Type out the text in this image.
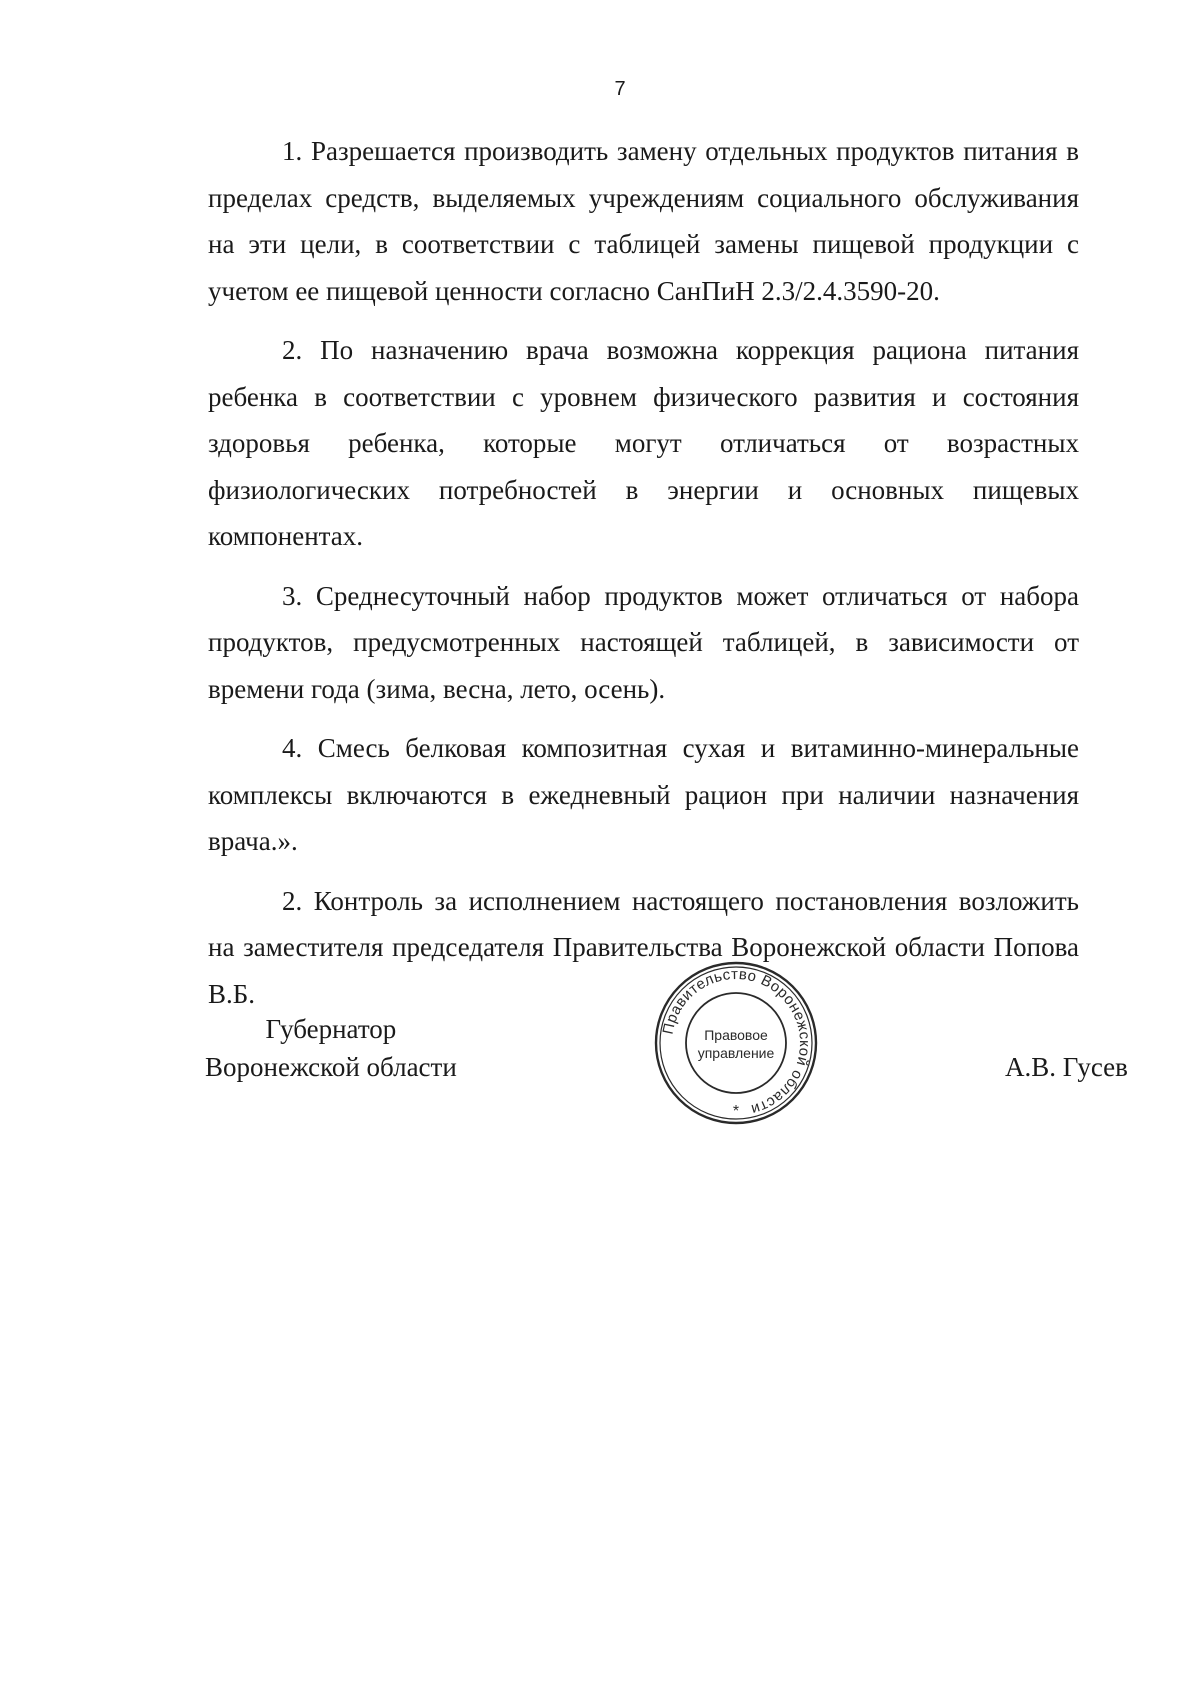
7

1. Разрешается производить замену отдельных продуктов питания в пределах средств, выделяемых учреждениям социального обслуживания на эти цели, в соответствии с таблицей замены пищевой продукции с учетом ее пищевой ценности согласно СанПиН 2.3/2.4.3590-20.

2. По назначению врача возможна коррекция рациона питания ребенка в соответствии с уровнем физического развития и состояния здоровья ребенка, которые могут отличаться от возрастных физиологических потребностей в энергии и основных пищевых компонентах.

3. Среднесуточный набор продуктов может отличаться от набора продуктов, предусмотренных настоящей таблицей, в зависимости от времени года (зима, весна, лето, осень).

4. Смесь белковая композитная сухая и витаминно-минеральные комплексы включаются в ежедневный рацион при наличии назначения врача.».

2. Контроль за исполнением настоящего постановления возложить на заместителя председателя Правительства Воронежской области Попова В.Б.

Губернатор
Воронежской области	А.В. Гусев
Правительство Воронежской области
Правовое
управление
*
